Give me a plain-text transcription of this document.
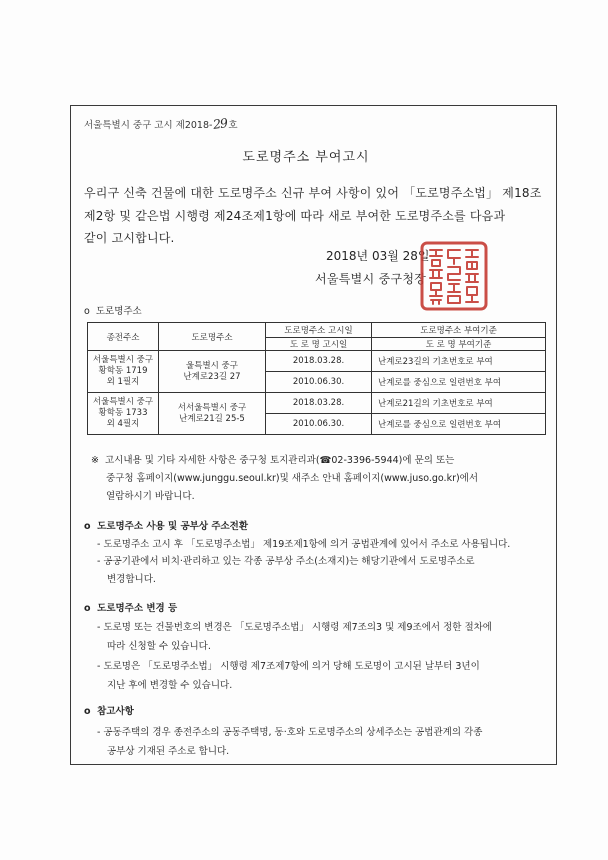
서울특별시 중구 고시 제2018-29호
도로명주소 부여고시
우리구 신축 건물에 대한 도로명주소 신규 부여 사항이 있어 「도로명주소법」 제18조
제2항 및 같은법 시행령 제24조제1항에 따라 새로 부여한 도로명주소를 다음과
같이 고시합니다.
2018년 03월 28일
서울특별시 중구청장
o  도로명주소
종전주소	도로명주소	도로명주소 고시일	도로명주소 부여기준
		도 로 명 고시일	도 로 명 부여기준

서울특별시 중구
황학동 1719
외 1필지	울특별시 중구
난계로23길 27	2018.03.28.	난계로23길의 기초번호로 부여
		2010.06.30.	난계로를 중심으로 일련번호 부여

서울특별시 중구
황학동 1733
외 4필지	서서울특별시 중구
난계로21길 25-5	2018.03.28.	난계로21길의 기초번호로 부여
		2010.06.30.	난계로를 중심으로 일련번호 부여
※  고시내용 및 기타 자세한 사항은 중구청 토지관리과(☎02-3396-5944)에 문의 또는
중구청 홈페이지(www.junggu.seoul.kr)및 새주소 안내 홈페이지(www.juso.go.kr)에서
열람하시기 바랍니다.
o  도로명주소 사용 및 공부상 주소전환
- 도로명주소 고시 후 「도로명주소법」 제19조제1항에 의거 공법관계에 있어서 주소로 사용됩니다.
- 공공기관에서 비치·관리하고 있는 각종 공부상 주소(소재지)는 해당기관에서 도로명주소로
변경합니다.
o  도로명주소 변경 등
- 도로명 또는 건물번호의 변경은 「도로명주소법」 시행령 제7조의3 및 제9조에서 정한 절차에
따라 신청할 수 있습니다.
- 도로명은 「도로명주소법」 시행령 제7조제7항에 의거 당해 도로명이 고시된 날부터 3년이
지난 후에 변경할 수 있습니다.
o  참고사항
- 공동주택의 경우 종전주소의 공동주택명, 동·호와 도로명주소의 상세주소는 공법관계의 각종
공부상 기재된 주소로 합니다.
